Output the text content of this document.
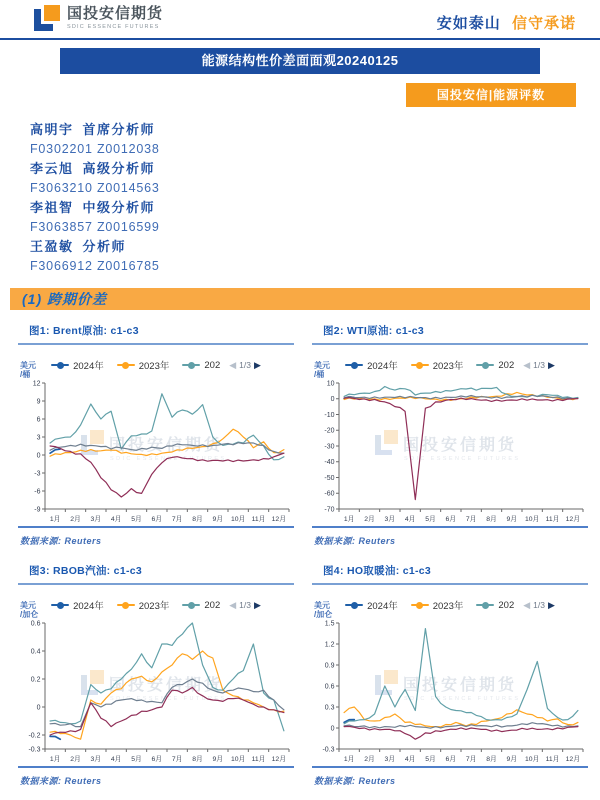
国投安信期货
SDIC ESSENCE FUTURES	安如泰山 信守承诺
能源结构性价差面面观20240125
国投安信|能源评数
高明宇 首席分析师
F0302201 Z0012038
李云旭 高级分析师
F3063210 Z0014563
李祖智 中级分析师
F3063857 Z0016599
王盈敏 分析师
F3066912 Z0016785
(1) 跨期价差
图1: Brent原油: c1-c3
美元
/桶
2024年	2023年	202 ◀ 1/3 ▶
国投安信期货
SDIC ESSENCE FUTURES
12
9
6
3
0
-3
-6
-9
1月 2月 3月 4月 5月 6月 7月 8月 9月 10月 11月 12月
数据来源: Reuters
图2: WTI原油: c1-c3
美元
/桶
2024年	2023年	202 ◀ 1/3 ▶
国投安信期货
SDIC ESSENCE FUTURES
10
0
-10
-20
-30
-40
-50
-60
-70
1月 2月 3月 4月 5月 6月 7月 8月 9月 10月 11月 12月
数据来源: Reuters
图3: RBOB汽油: c1-c3
美元
/加仑
2024年	2023年	202 ◀ 1/3 ▶
国投安信期货
SDIC ESSENCE FUTURES
0.6
0.4
0.2
0
-0.2
-0.3
1月 2月 3月 4月 5月 6月 7月 8月 9月 10月 11月 12月
数据来源: Reuters
图4: HO取暖油: c1-c3
美元
/加仑
2024年	2023年	202 ◀ 1/3 ▶
国投安信期货
SDIC ESSENCE FUTURES
1.5
1.2
0.9
0.6
0.3
0
-0.3
1月 2月 3月 4月 5月 6月 7月 8月 9月 10月 11月 12月
数据来源: Reuters
